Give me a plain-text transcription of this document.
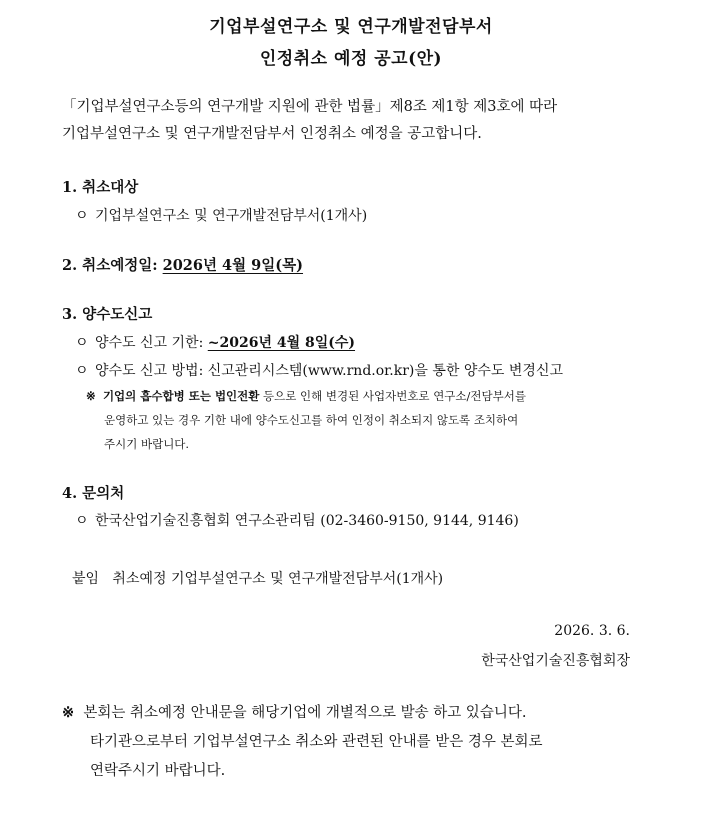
기업부설연구소 및 연구개발전담부서
인정취소 예정 공고(안)
「기업부설연구소등의 연구개발 지원에 관한 법률」제8조 제1항 제3호에 따라
기업부설연구소 및 연구개발전담부서 인정취소 예정을 공고합니다.
1. 취소대상
ㅇ 기업부설연구소 및 연구개발전담부서(1개사)
2. 취소예정일: 2026년 4월 9일(목)
3. 양수도신고
ㅇ 양수도 신고 기한: ~2026년 4월 8일(수)
ㅇ 양수도 신고 방법: 신고관리시스템(www.rnd.or.kr)을 통한 양수도 변경신고
※ 기업의 흡수합병 또는 법인전환 등으로 인해 변경된 사업자번호로 연구소/전담부서를
운영하고 있는 경우 기한 내에 양수도신고를 하여 인정이 취소되지 않도록 조치하여
주시기 바랍니다.
4. 문의처
ㅇ 한국산업기술진흥협회 연구소관리팀 (02-3460-9150, 9144, 9146)
붙임 취소예정 기업부설연구소 및 연구개발전담부서(1개사)
2026. 3. 6.
한국산업기술진흥협회장
※ 본회는 취소예정 안내문을 해당기업에 개별적으로 발송 하고 있습니다.
타기관으로부터 기업부설연구소 취소와 관련된 안내를 받은 경우 본회로
연락주시기 바랍니다.
